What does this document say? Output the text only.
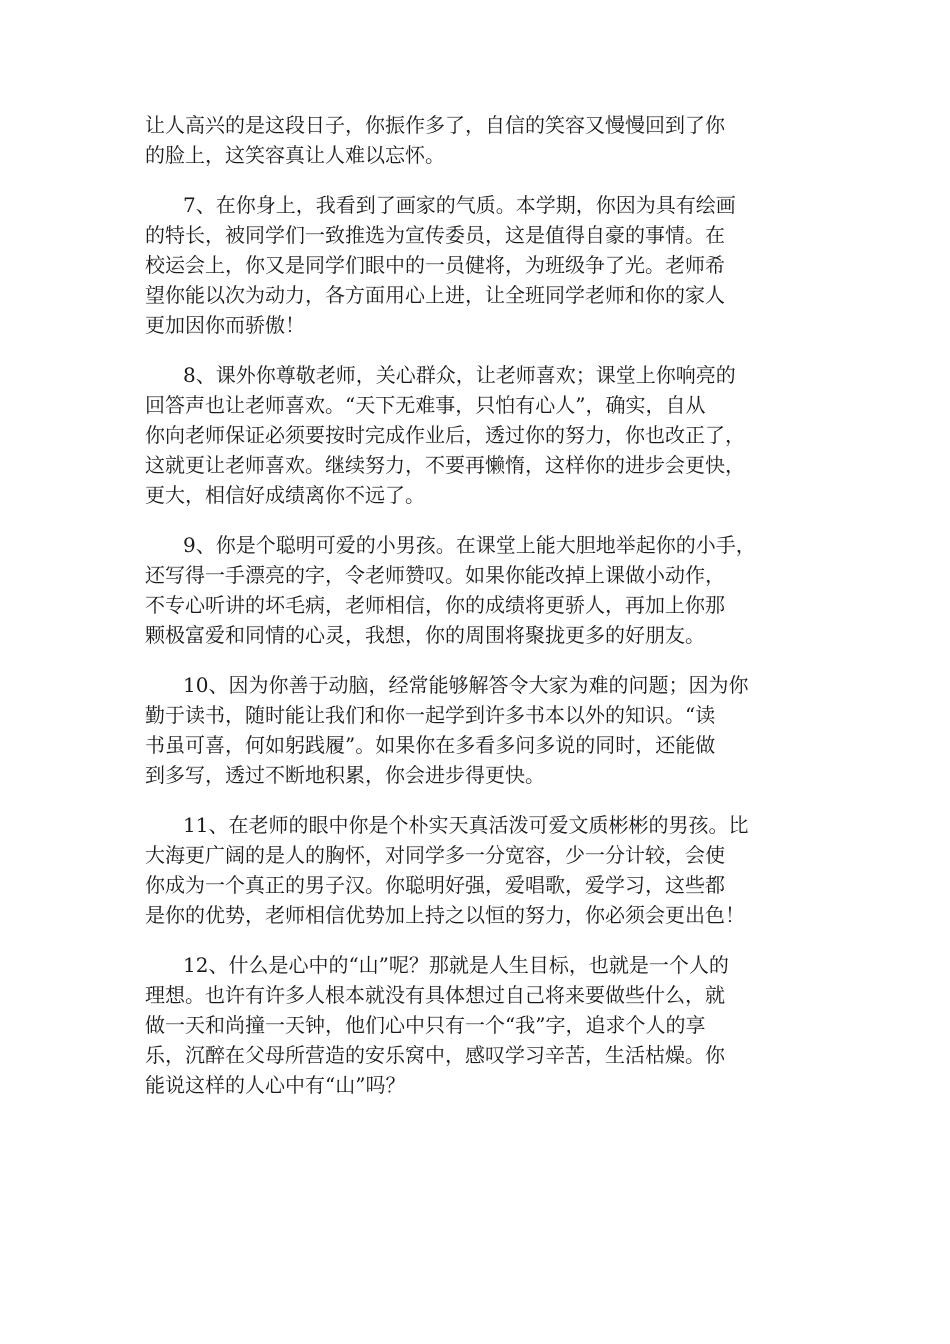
让人高兴的是这段日子，你振作多了，自信的笑容又慢慢回到了你
的脸上，这笑容真让人难以忘怀。
7、在你身上，我看到了画家的气质。本学期，你因为具有绘画
的特长，被同学们一致推选为宣传委员，这是值得自豪的事情。在
校运会上，你又是同学们眼中的一员健将，为班级争了光。老师希
望你能以次为动力，各方面用心上进，让全班同学老师和你的家人
更加因你而骄傲！
8、课外你尊敬老师，关心群众，让老师喜欢；课堂上你响亮的
回答声也让老师喜欢。“天下无难事，只怕有心人”，确实，自从
你向老师保证必须要按时完成作业后，透过你的努力，你也改正了，
这就更让老师喜欢。继续努力，不要再懒惰，这样你的进步会更快，
更大，相信好成绩离你不远了。
9、你是个聪明可爱的小男孩。在课堂上能大胆地举起你的小手，
还写得一手漂亮的字，令老师赞叹。如果你能改掉上课做小动作，
不专心听讲的坏毛病，老师相信，你的成绩将更骄人，再加上你那
颗极富爱和同情的心灵，我想，你的周围将聚拢更多的好朋友。
10、因为你善于动脑，经常能够解答令大家为难的问题；因为你
勤于读书，随时能让我们和你一起学到许多书本以外的知识。“读
书虽可喜，何如躬践履”。如果你在多看多问多说的同时，还能做
到多写，透过不断地积累，你会进步得更快。
11、在老师的眼中你是个朴实天真活泼可爱文质彬彬的男孩。比
大海更广阔的是人的胸怀，对同学多一分宽容，少一分计较，会使
你成为一个真正的男子汉。你聪明好强，爱唱歌，爱学习，这些都
是你的优势，老师相信优势加上持之以恒的努力，你必须会更出色！
12、什么是心中的“山”呢？那就是人生目标，也就是一个人的
理想。也许有许多人根本就没有具体想过自己将来要做些什么，就
做一天和尚撞一天钟，他们心中只有一个“我”字，追求个人的享
乐，沉醉在父母所营造的安乐窝中，感叹学习辛苦，生活枯燥。你
能说这样的人心中有“山”吗？
